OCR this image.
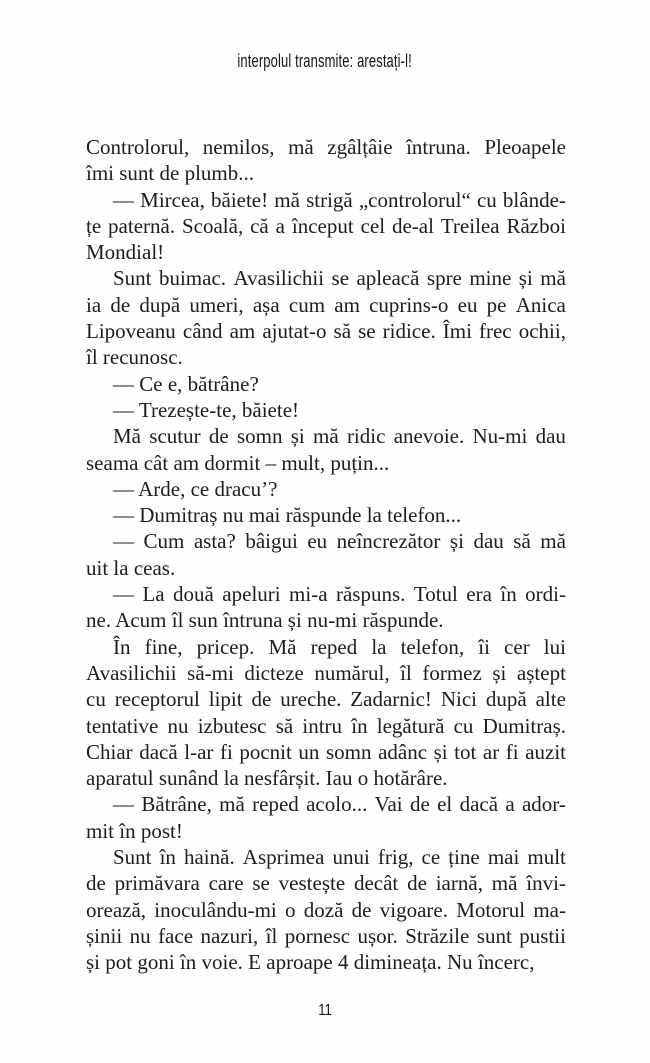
interpolul transmite: arestați-l!
Controlorul, nemilos, mă zgâlțâie întruna. Pleoapele
îmi sunt de plumb...
— Mircea, băiete! mă strigă „controlorul“ cu blânde-
țe paternă. Scoală, că a început cel de-al Treilea Război
Mondial!
Sunt buimac. Avasilichii se apleacă spre mine și mă
ia de după umeri, așa cum am cuprins-o eu pe Anica
Lipoveanu când am ajutat-o să se ridice. Îmi frec ochii,
îl recunosc.
— Ce e, bătrâne?
— Trezește-te, băiete!
Mă scutur de somn și mă ridic anevoie. Nu-mi dau
seama cât am dormit – mult, puțin...
— Arde, ce dracu’?
— Dumitraș nu mai răspunde la telefon...
— Cum asta? bâigui eu neîncrezător și dau să mă
uit la ceas.
— La două apeluri mi-a răspuns. Totul era în ordi-
ne. Acum îl sun întruna și nu-mi răspunde.
În fine, pricep. Mă reped la telefon, îi cer lui
Avasilichii să-mi dicteze numărul, îl formez și aștept
cu receptorul lipit de ureche. Zadarnic! Nici după alte
tentative nu izbutesc să intru în legătură cu Dumitraș.
Chiar dacă l-ar fi pocnit un somn adânc și tot ar fi auzit
aparatul sunând la nesfârșit. Iau o hotărâre.
— Bătrâne, mă reped acolo... Vai de el dacă a ador-
mit în post!
Sunt în haină. Asprimea unui frig, ce ține mai mult
de primăvara care se vestește decât de iarnă, mă învi-
orează, inoculându-mi o doză de vigoare. Motorul ma-
șinii nu face nazuri, îl pornesc ușor. Străzile sunt pustii
și pot goni în voie. E aproape 4 dimineața. Nu încerc,
11
